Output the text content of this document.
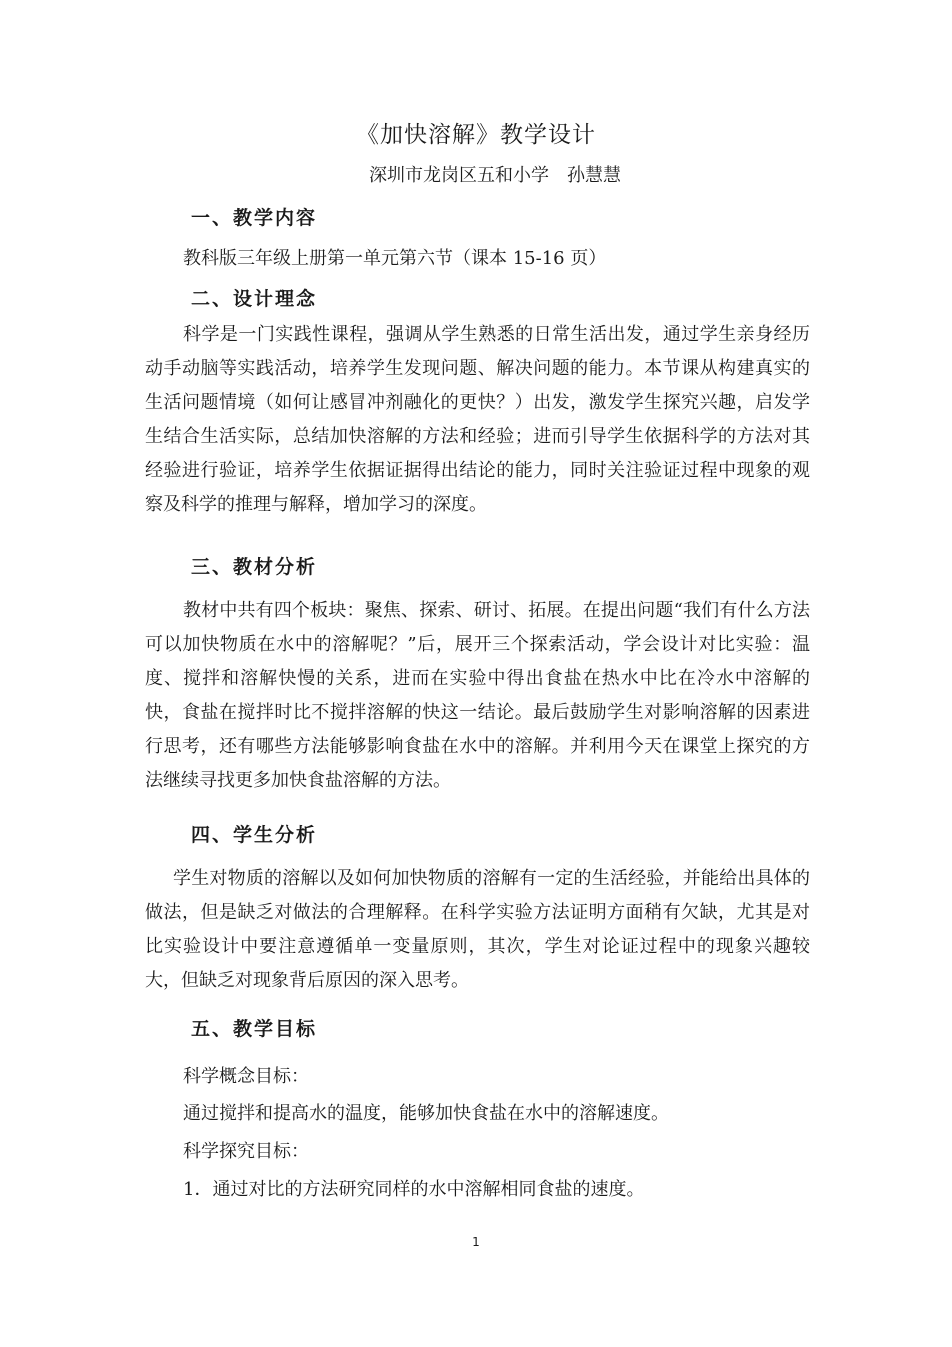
《加快溶解》教学设计
深圳市龙岗区五和小学　孙慧慧
一、教学内容
教科版三年级上册第一单元第六节（课本 15-16 页）
二、设计理念
科学是一门实践性课程，强调从学生熟悉的日常生活出发，通过学生亲身经历动手动脑等实践活动，培养学生发现问题、解决问题的能力。本节课从构建真实的生活问题情境（如何让感冒冲剂融化的更快？）出发，激发学生探究兴趣，启发学生结合生活实际，总结加快溶解的方法和经验；进而引导学生依据科学的方法对其经验进行验证，培养学生依据证据得出结论的能力，同时关注验证过程中现象的观察及科学的推理与解释，增加学习的深度。
三、教材分析
教材中共有四个板块：聚焦、探索、研讨、拓展。在提出问题“我们有什么方法可以加快物质在水中的溶解呢？”后，展开三个探索活动，学会设计对比实验：温度、搅拌和溶解快慢的关系，进而在实验中得出食盐在热水中比在冷水中溶解的快，食盐在搅拌时比不搅拌溶解的快这一结论。最后鼓励学生对影响溶解的因素进行思考，还有哪些方法能够影响食盐在水中的溶解。并利用今天在课堂上探究的方法继续寻找更多加快食盐溶解的方法。
四、学生分析
学生对物质的溶解以及如何加快物质的溶解有一定的生活经验，并能给出具体的做法，但是缺乏对做法的合理解释。在科学实验方法证明方面稍有欠缺，尤其是对比实验设计中要注意遵循单一变量原则，其次，学生对论证过程中的现象兴趣较大，但缺乏对现象背后原因的深入思考。
五、教学目标
科学概念目标：
通过搅拌和提高水的温度，能够加快食盐在水中的溶解速度。
科学探究目标：
1．通过对比的方法研究同样的水中溶解相同食盐的速度。
1
